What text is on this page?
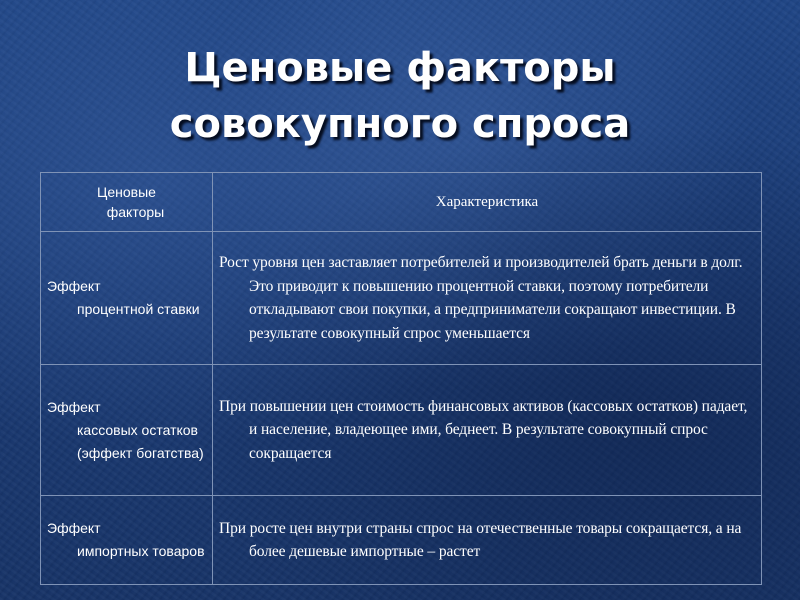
Ценовые факторы
совокупного спроса
Ценовые
факторы	Характеристика

Эффект
процентной ставки	Рост уровня цен заставляет потребителей и производителей брать деньги в долг. Это приводит к повышению процентной ставки, поэтому потребители откладывают свои покупки, а предприниматели сокращают инвестиции. В результате совокупный спрос уменьшается

Эффект
кассовых остатков (эффект богатства)	При повышении цен стоимость финансовых активов (кассовых остатков) падает, и население, владеющее ими, беднеет. В результате совокупный спрос сокращается

Эффект
импортных товаров	При росте цен внутри страны спрос на отечественные товары сокращается, а на более дешевые импортные – растет
